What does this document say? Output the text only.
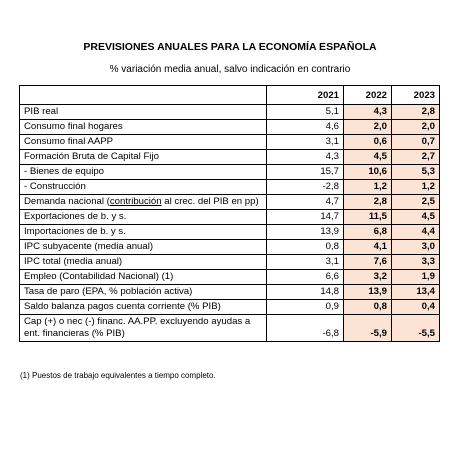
PREVISIONES ANUALES PARA LA ECONOMÍA ESPAÑOLA
% variación media anual, salvo indicación en contrario
	2021	2022	2023
PIB real	5,1	4,3	2,8
Consumo final hogares	4,6	2,0	2,0
Consumo final AAPP	3,1	0,6	0,7
Formación Bruta de Capital Fijo	4,3	4,5	2,7
- Bienes de equipo	15,7	10,6	5,3
- Construcción	-2,8	1,2	1,2
Demanda nacional (contribución al crec. del PIB en pp)	4,7	2,8	2,5
Exportaciones de b. y s.	14,7	11,5	4,5
Importaciones de b. y s.	13,9	6,8	4,4
IPC subyacente (media anual)	0,8	4,1	3,0
IPC total (media anual)	3,1	7,6	3,3
Empleo (Contabilidad Nacional) (1)	6,6	3,2	1,9
Tasa de paro (EPA, % población activa)	14,8	13,9	13,4
Saldo balanza pagos cuenta corriente (% PIB)	0,9	0,8	0,4
Cap (+) o nec (-) financ. AA.PP. excluyendo ayudas a ent. financieras (% PIB)	-6,8	-5,9	-5,5
(1) Puestos de trabajo equivalentes a tiempo completo.
